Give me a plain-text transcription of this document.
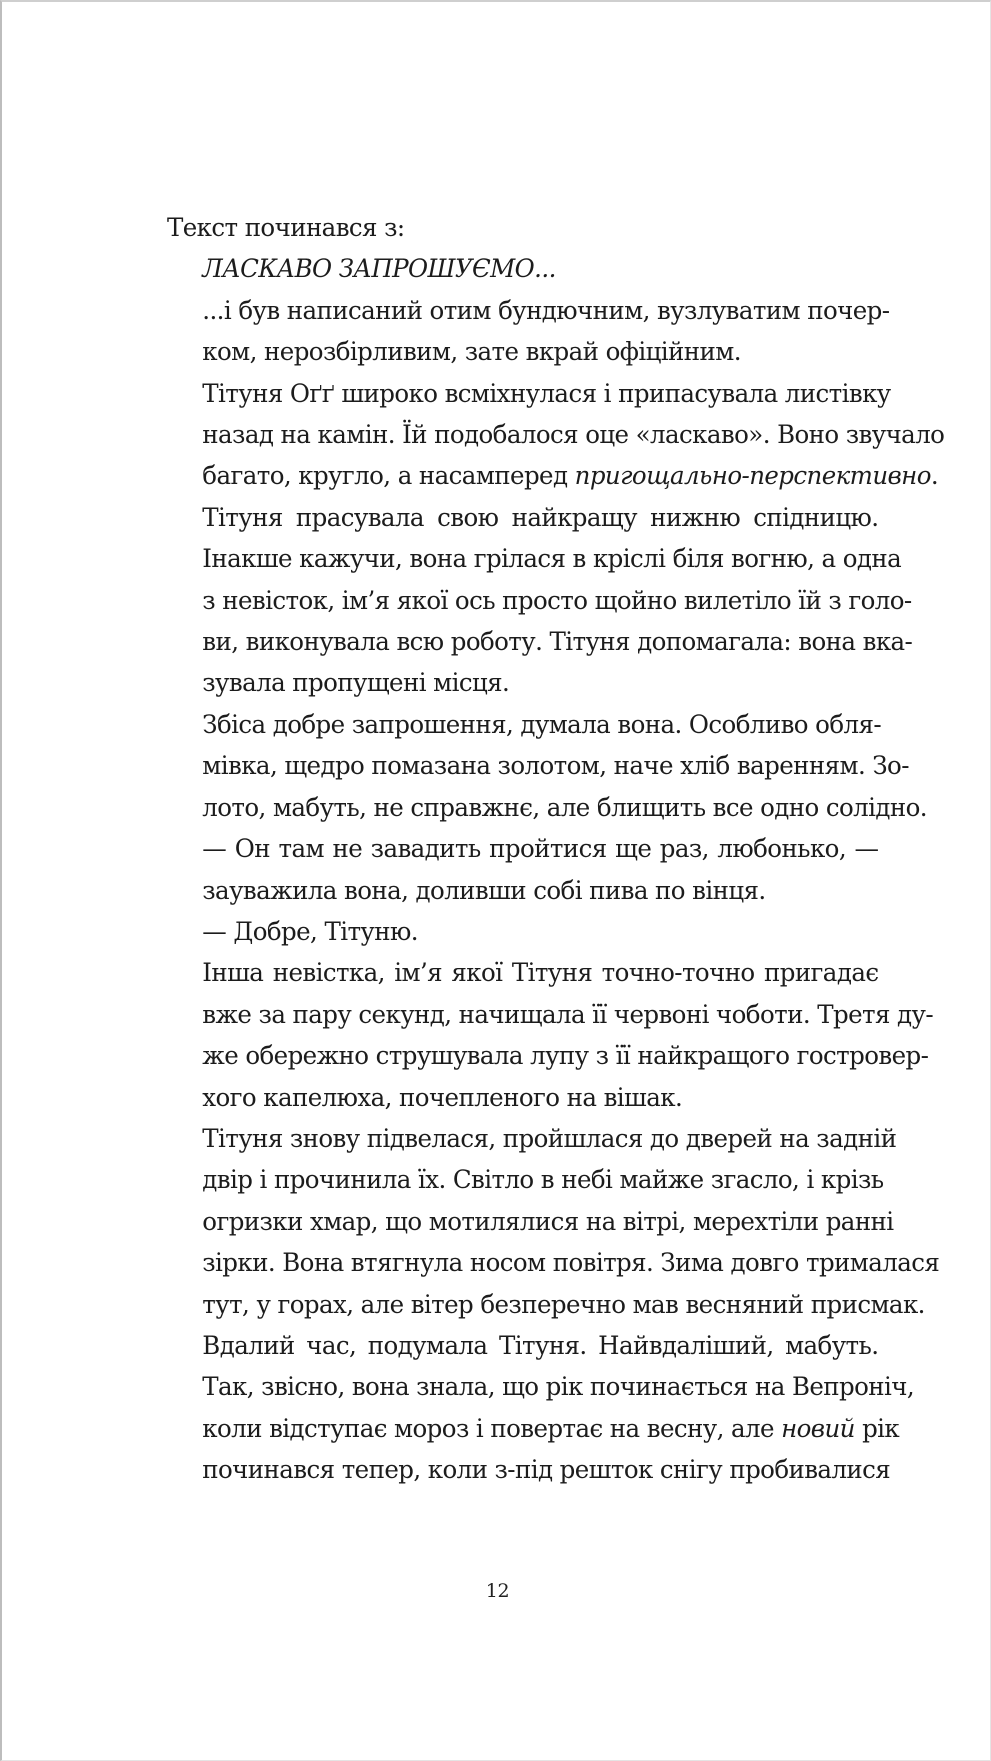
Текст починався з:

ЛАСКАВО ЗАПРОШУЄМО...

...і був написаний отим бундючним, вузлуватим почер-
ком, нерозбірливим, зате вкрай офіційним.

Тітуня Оґґ широко всміхнулася і припасувала листівку
назад на камін. Їй подобалося оце «ласкаво». Воно звучало
багато, кругло, а насамперед пригощально-перспективно.

Тітуня прасувала свою найкращу нижню спідницю.
Інакше кажучи, вона грілася в кріслі біля вогню, а одна
з невісток, ім’я якої ось просто щойно вилетіло їй з голо-
ви, виконувала всю роботу. Тітуня допомагала: вона вка-
зувала пропущені місця.

Збіса добре запрошення, думала вона. Особливо обля-
мівка, щедро помазана золотом, наче хліб варенням. Зо-
лото, мабуть, не справжнє, але блищить все одно солідно.

— Он там не завадить пройтися ще раз, любонько, —
зауважила вона, доливши собі пива по вінця.

— Добре, Тітуню.

Інша невістка, ім’я якої Тітуня точно-точно пригадає
вже за пару секунд, начищала її червоні чоботи. Третя ду-
же обережно струшувала лупу з її найкращого гостровер-
хого капелюха, почепленого на вішак.

Тітуня знову підвелася, пройшлася до дверей на задній
двір і прочинила їх. Світло в небі майже згасло, і крізь
огризки хмар, що мотилялися на вітрі, мерехтіли ранні
зірки. Вона втягнула носом повітря. Зима довго трималася
тут, у горах, але вітер безперечно мав весняний присмак.

Вдалий час, подумала Тітуня. Найвдаліший, мабуть.
Так, звісно, вона знала, що рік починається на Вепроніч,
коли відступає мороз і повертає на весну, але новий рік
починався тепер, коли з-під решток снігу пробивалися

12
